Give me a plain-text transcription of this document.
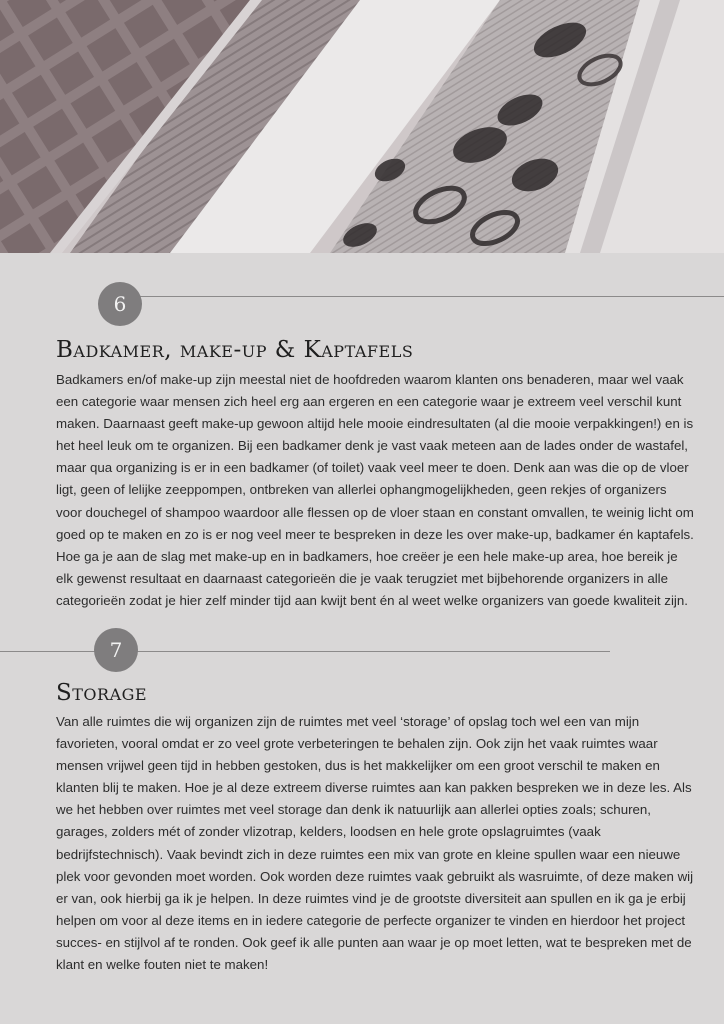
6
Badkamer, make-up & Kaptafels

Badkamers en/of make-up zijn meestal niet de hoofdreden waarom klanten ons benaderen, maar wel vaak een categorie waar mensen zich heel erg aan ergeren en een categorie waar je extreem veel verschil kunt maken. Daarnaast geeft make-up gewoon altijd hele mooie eindresultaten (al die mooie verpakkingen!) en is het heel leuk om te organizen. Bij een badkamer denk je vast vaak meteen aan de lades onder de wastafel, maar qua organizing is er in een badkamer (of toilet) vaak veel meer te doen. Denk aan was die op de vloer ligt, geen of lelijke zeeppompen, ontbreken van allerlei ophangmogelijkheden, geen rekjes of organizers voor douchegel of shampoo waardoor alle flessen op de vloer staan en constant omvallen, te weinig licht om goed op te maken en zo is er nog veel meer te bespreken in deze les over make-up, badkamer én kaptafels. Hoe ga je aan de slag met make-up en in badkamers, hoe creëer je een hele make-up area, hoe bereik je elk gewenst resultaat en daarnaast categorieën die je vaak terugziet met bijbehorende organizers in alle categorieën zodat je hier zelf minder tijd aan kwijt bent én al weet welke organizers van goede kwaliteit zijn.

7
Storage

Van alle ruimtes die wij organizen zijn de ruimtes met veel ‘storage’ of opslag toch wel een van mijn favorieten, vooral omdat er zo veel grote verbeteringen te behalen zijn. Ook zijn het vaak ruimtes waar mensen vrijwel geen tijd in hebben gestoken, dus is het makkelijker om een groot verschil te maken en klanten blij te maken. Hoe je al deze extreem diverse ruimtes aan kan pakken bespreken we in deze les. Als we het hebben over ruimtes met veel storage dan denk ik natuurlijk aan allerlei opties zoals; schuren, garages, zolders mét of zonder vlizotrap, kelders, loodsen en hele grote opslagruimtes (vaak bedrijfstechnisch). Vaak bevindt zich in deze ruimtes een mix van grote en kleine spullen waar een nieuwe plek voor gevonden moet worden. Ook worden deze ruimtes vaak gebruikt als wasruimte, of deze maken wij er van, ook hierbij ga ik je helpen. In deze ruimtes vind je de grootste diversiteit aan spullen en ik ga je erbij helpen om voor al deze items en in iedere categorie de perfecte organizer te vinden en hierdoor het project succes- en stijlvol af te ronden. Ook geef ik alle punten aan waar je op moet letten, wat te bespreken met de klant en welke fouten niet te maken!
